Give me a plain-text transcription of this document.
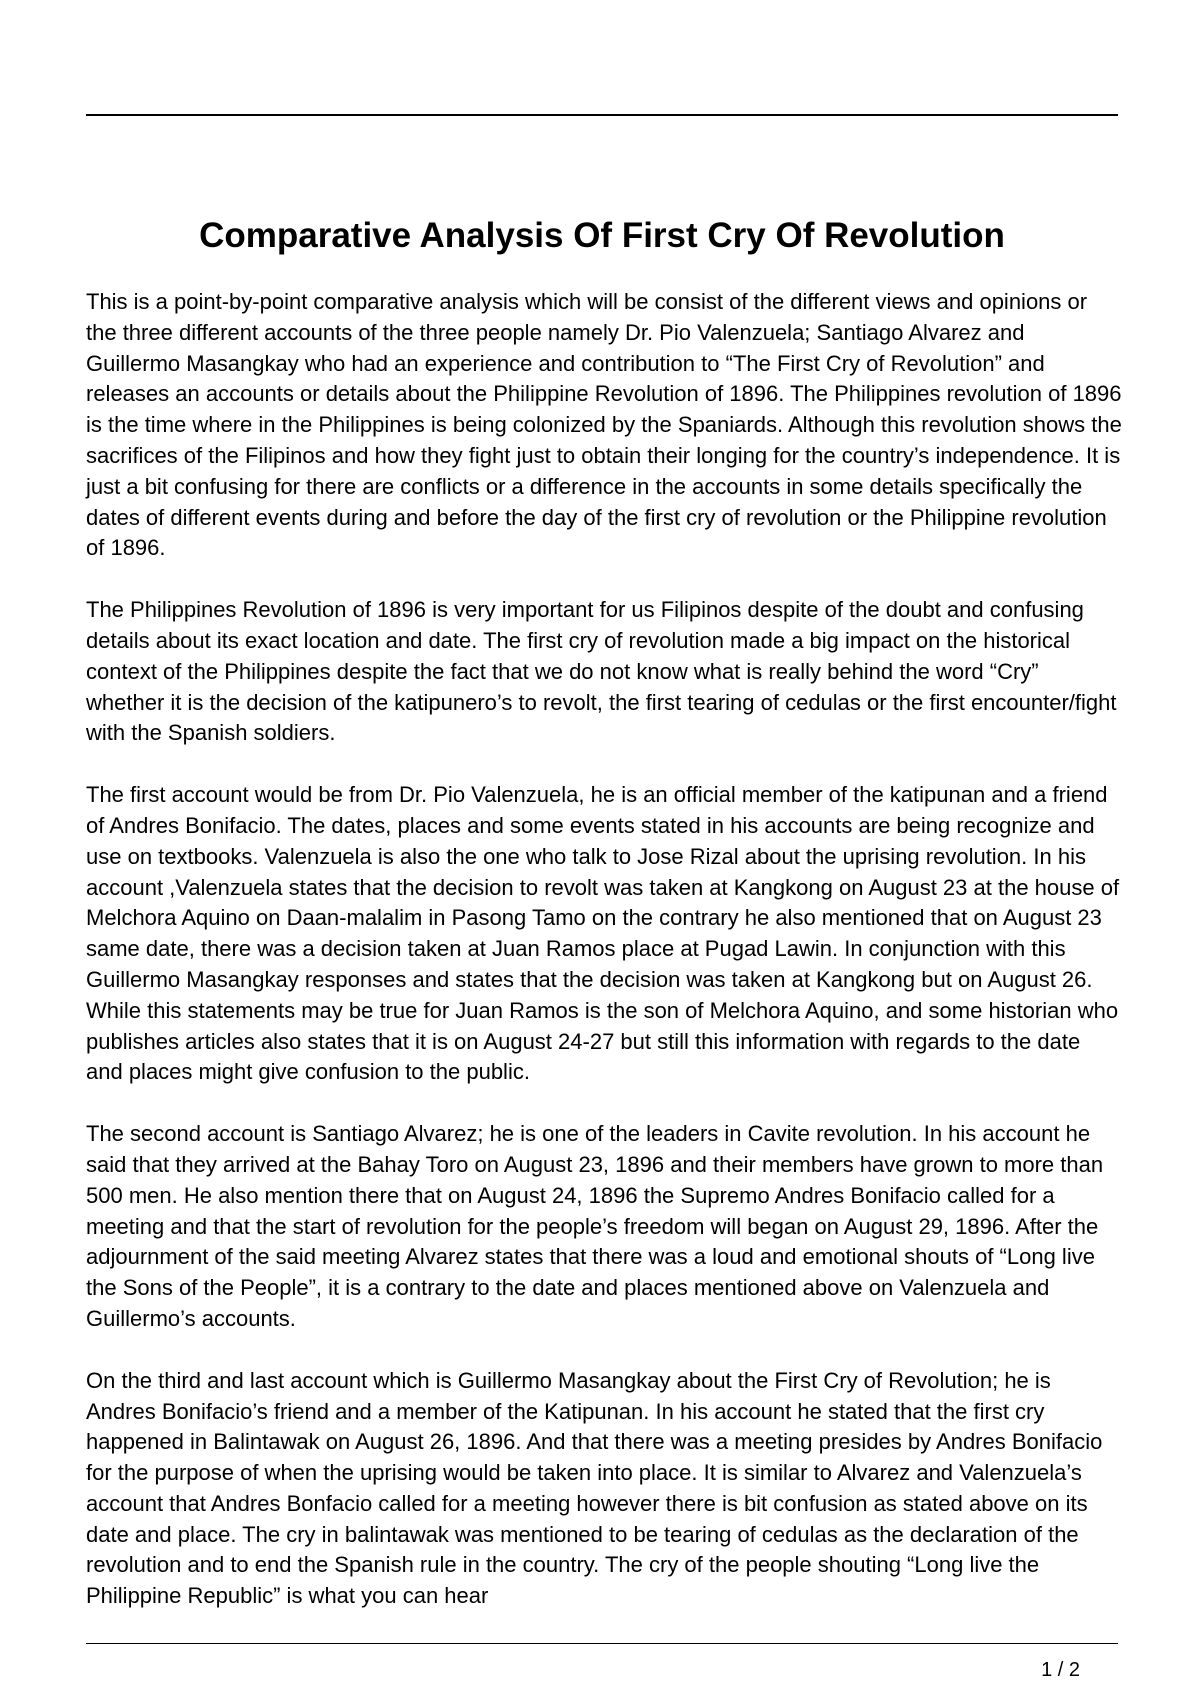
Comparative Analysis Of First Cry Of Revolution

This is a point-by-point comparative analysis which will be consist of the different views and opinions or the three different accounts of the three people namely Dr. Pio Valenzuela; Santiago Alvarez and Guillermo Masangkay who had an experience and contribution to “The First Cry of Revolution” and releases an accounts or details about the Philippine Revolution of 1896. The Philippines revolution of 1896 is the time where in the Philippines is being colonized by the Spaniards. Although this revolution shows the sacrifices of the Filipinos and how they fight just to obtain their longing for the country’s independence. It is just a bit confusing for there are conflicts or a difference in the accounts in some details specifically the dates of different events during and before the day of the first cry of revolution or the Philippine revolution of 1896.

The Philippines Revolution of 1896 is very important for us Filipinos despite of the doubt and confusing details about its exact location and date. The first cry of revolution made a big impact on the historical context of the Philippines despite the fact that we do not know what is really behind the word “Cry” whether it is the decision of the katipunero’s to revolt, the first tearing of cedulas or the first encounter/fight with the Spanish soldiers.

The first account would be from Dr. Pio Valenzuela, he is an official member of the katipunan and a friend of Andres Bonifacio. The dates, places and some events stated in his accounts are being recognize and use on textbooks. Valenzuela is also the one who talk to Jose Rizal about the uprising revolution. In his account ,Valenzuela states that the decision to revolt was taken at Kangkong on August 23 at the house of Melchora Aquino on Daan-malalim in Pasong Tamo on the contrary he also mentioned that on August 23 same date, there was a decision taken at Juan Ramos place at Pugad Lawin. In conjunction with this Guillermo Masangkay responses and states that the decision was taken at Kangkong but on August 26. While this statements may be true for Juan Ramos is the son of Melchora Aquino, and some historian who publishes articles also states that it is on August 24-27 but still this information with regards to the date and places might give confusion to the public.

The second account is Santiago Alvarez; he is one of the leaders in Cavite revolution. In his account he said that they arrived at the Bahay Toro on August 23, 1896 and their members have grown to more than 500 men. He also mention there that on August 24, 1896 the Supremo Andres Bonifacio called for a meeting and that the start of revolution for the people’s freedom will began on August 29, 1896. After the adjournment of the said meeting Alvarez states that there was a loud and emotional shouts of “Long live the Sons of the People”, it is a contrary to the date and places mentioned above on Valenzuela and Guillermo’s accounts.

On the third and last account which is Guillermo Masangkay about the First Cry of Revolution; he is Andres Bonifacio’s friend and a member of the Katipunan. In his account he stated that the first cry happened in Balintawak on August 26, 1896. And that there was a meeting presides by Andres Bonifacio for the purpose of when the uprising would be taken into place. It is similar to Alvarez and Valenzuela’s account that Andres Bonfacio called for a meeting however there is bit confusion as stated above on its date and place. The cry in balintawak was mentioned to be tearing of cedulas as the declaration of the revolution and to end the Spanish rule in the country. The cry of the people shouting “Long live the Philippine Republic” is what you can hear

1 / 2
